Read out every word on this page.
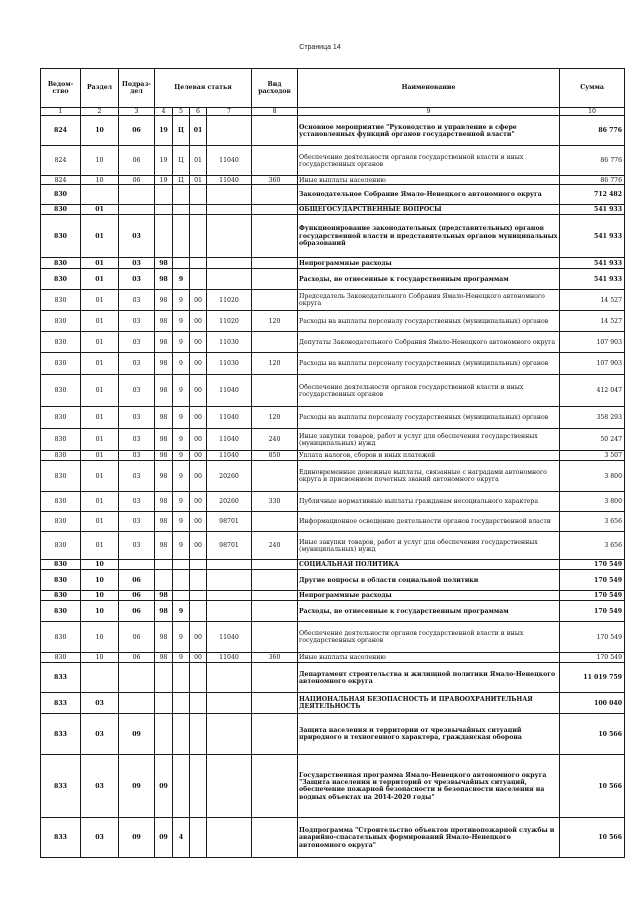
Страница 14
Ведом-ство	Раздел	Подраз-дел	Целевая статья				Вид расходов	Наименование	Сумма
1	2	3	4	5	6	7	8	9	10
824	10	06	19	Ц	01			Основное мероприятие "Руководство и управление в сфере установленных функций органов государственной власти"	86 776
824	10	06	19	Ц	01	11040		Обеспечение деятельности органов государственной власти и иных государственных органов	86 776
824	10	06	19	Ц	01	11040	360	Иные выплаты населению	86 776
830								Законодательное Собрание Ямало-Ненецкого автономного округа	712 482
830	01							ОБЩЕГОСУДАРСТВЕННЫЕ ВОПРОСЫ	541 933
830	01	03						Функционирование законодательных (представительных) органов государственной власти и представительных органов муниципальных образований	541 933
830	01	03	98					Непрограммные расходы	541 933
830	01	03	98	9				Расходы, не отнесенные к государственным программам	541 933
830	01	03	98	9	00	11020		Председатель Законодательного Собрания Ямало-Ненецкого автономного округа	14 527
830	01	03	98	9	00	11020	120	Расходы на выплаты персоналу государственных (муниципальных) органов	14 527
830	01	03	98	9	00	11030		Депутаты Законодательного Собрания Ямало-Ненецкого автономного округа	107 903
830	01	03	98	9	00	11030	120	Расходы на выплаты персоналу государственных (муниципальных) органов	107 903
830	01	03	98	9	00	11040		Обеспечение деятельности органов государственной власти и иных государственных органов	412 047
830	01	03	98	9	00	11040	120	Расходы на выплаты персоналу государственных (муниципальных) органов	358 293
830	01	03	98	9	00	11040	240	Иные закупки товаров, работ и услуг для обеспечения государственных (муниципальных) нужд	50 247
830	01	03	98	9	00	11040	850	Уплата налогов, сборов и иных платежей	3 507
830	01	03	98	9	00	20260		Единовременные денежные выплаты, связанные с наградами автономного округа и присвоением почетных званий автономного округа	3 800
830	01	03	98	9	00	20260	330	Публичные нормативные выплаты гражданам несоциального характера	3 800
830	01	03	98	9	00	98701		Информационное освещение деятельности органов государственной власти	3 656
830	01	03	98	9	00	98701	240	Иные закупки товаров, работ и услуг для обеспечения государственных (муниципальных) нужд	3 656
830	10							СОЦИАЛЬНАЯ ПОЛИТИКА	170 549
830	10	06						Другие вопросы в области социальной политики	170 549
830	10	06	98					Непрограммные расходы	170 549
830	10	06	98	9				Расходы, не отнесенные к государственным программам	170 549
830	10	06	98	9	00	11040		Обеспечение деятельности органов государственной власти и иных государственных органов	170 549
830	10	06	98	9	00	11040	360	Иные выплаты населению	170 549
833								Департамент строительства и жилищной политики Ямало-Ненецкого автономного округа	11 019 759
833	03							НАЦИОНАЛЬНАЯ БЕЗОПАСНОСТЬ И ПРАВООХРАНИТЕЛЬНАЯ ДЕЯТЕЛЬНОСТЬ	100 040
833	03	09						Защита населения и территории от чрезвычайных ситуаций природного и техногенного характера, гражданская оборона	10 566
833	03	09	09					Государственная программа Ямало-Ненецкого автономного округа "Защита населения и территорий от чрезвычайных ситуаций, обеспечение пожарной безопасности и безопасности населения на водных объектах на 2014-2020 годы"	10 566
833	03	09	09	4				Подпрограмма "Строительство объектов противопожарной службы и аварийно-спасательных формирований Ямало-Ненецкого автономного округа"	10 566
